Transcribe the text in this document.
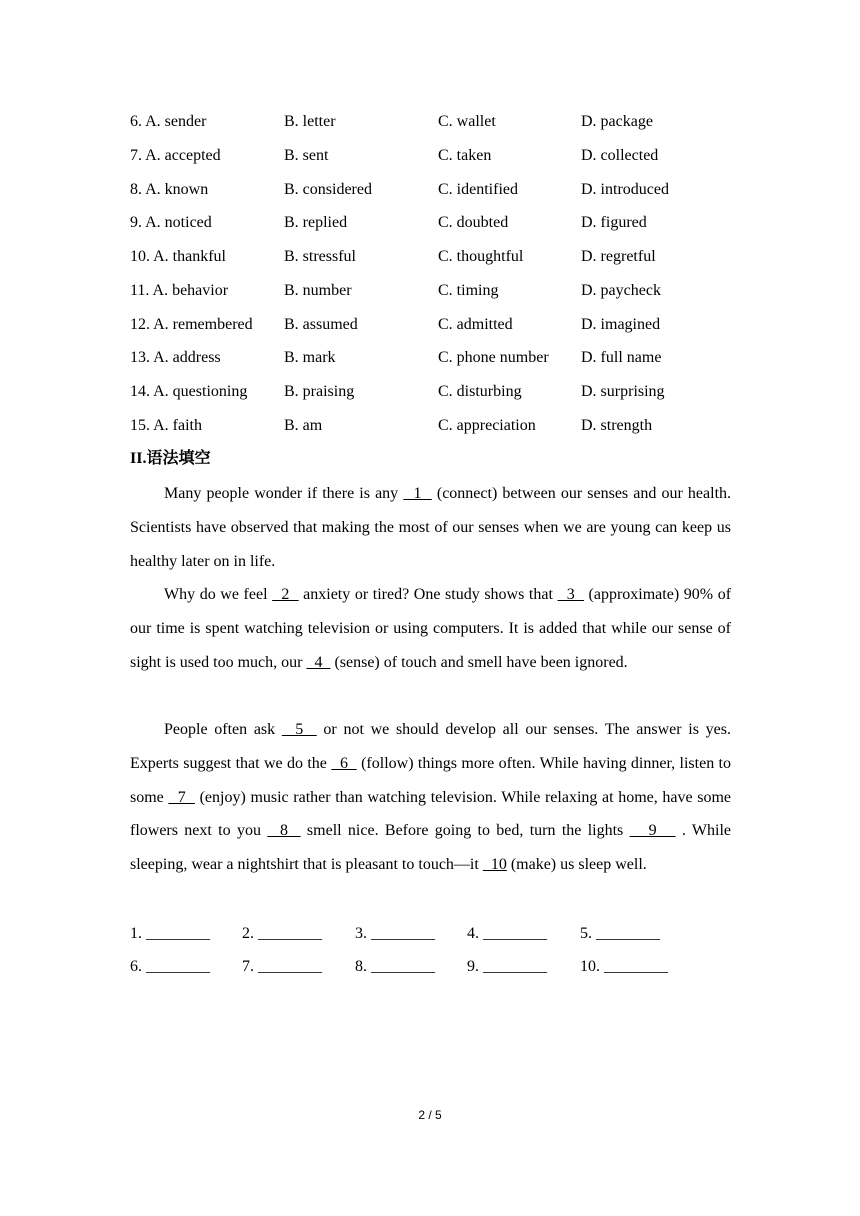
6. A. sender	B. letter	C. wallet	D. package
7. A. accepted	B. sent	C. taken	D. collected
8. A. known	B. considered	C. identified	D. introduced
9. A. noticed	B. replied	C. doubted	D. figured
10. A. thankful	B. stressful	C. thoughtful	D. regretful
11. A. behavior	B. number	C. timing	D. paycheck
12. A. remembered B. assumed	C. admitted	D. imagined
13. A. address	B. mark	C. phone number D. full name
14. A. questioning B. praising	C. disturbing	D. surprising
15. A. faith	B. am	C. appreciation	D. strength
II.语法填空
Many people wonder if there is any   1   (connect) between our senses and our health. Scientists have observed that making the most of our senses when we are young can keep us healthy later on in life.
Why do we feel   2   anxiety or tired? One study shows that   3   (approximate) 90% of our time is spent watching television or using computers. It is added that while our sense of sight is used too much, our   4   (sense) of touch and smell have been ignored.
People often ask   5   or not we should develop all our senses. The answer is yes. Experts suggest that we do the   6   (follow) things more often. While having dinner, listen to some   7   (enjoy) music rather than watching television. While relaxing at home, have some flowers next to you   8   smell nice. Before going to bed, turn the lights    9    . While sleeping, wear a nightshirt that is pleasant to touch—it   10 (make) us sleep well.
1. ________ 2. ________ 3. ________ 4. ________ 5. ________
6. ________ 7. ________ 8. ________ 9. ________ 10. ________
2 / 5
